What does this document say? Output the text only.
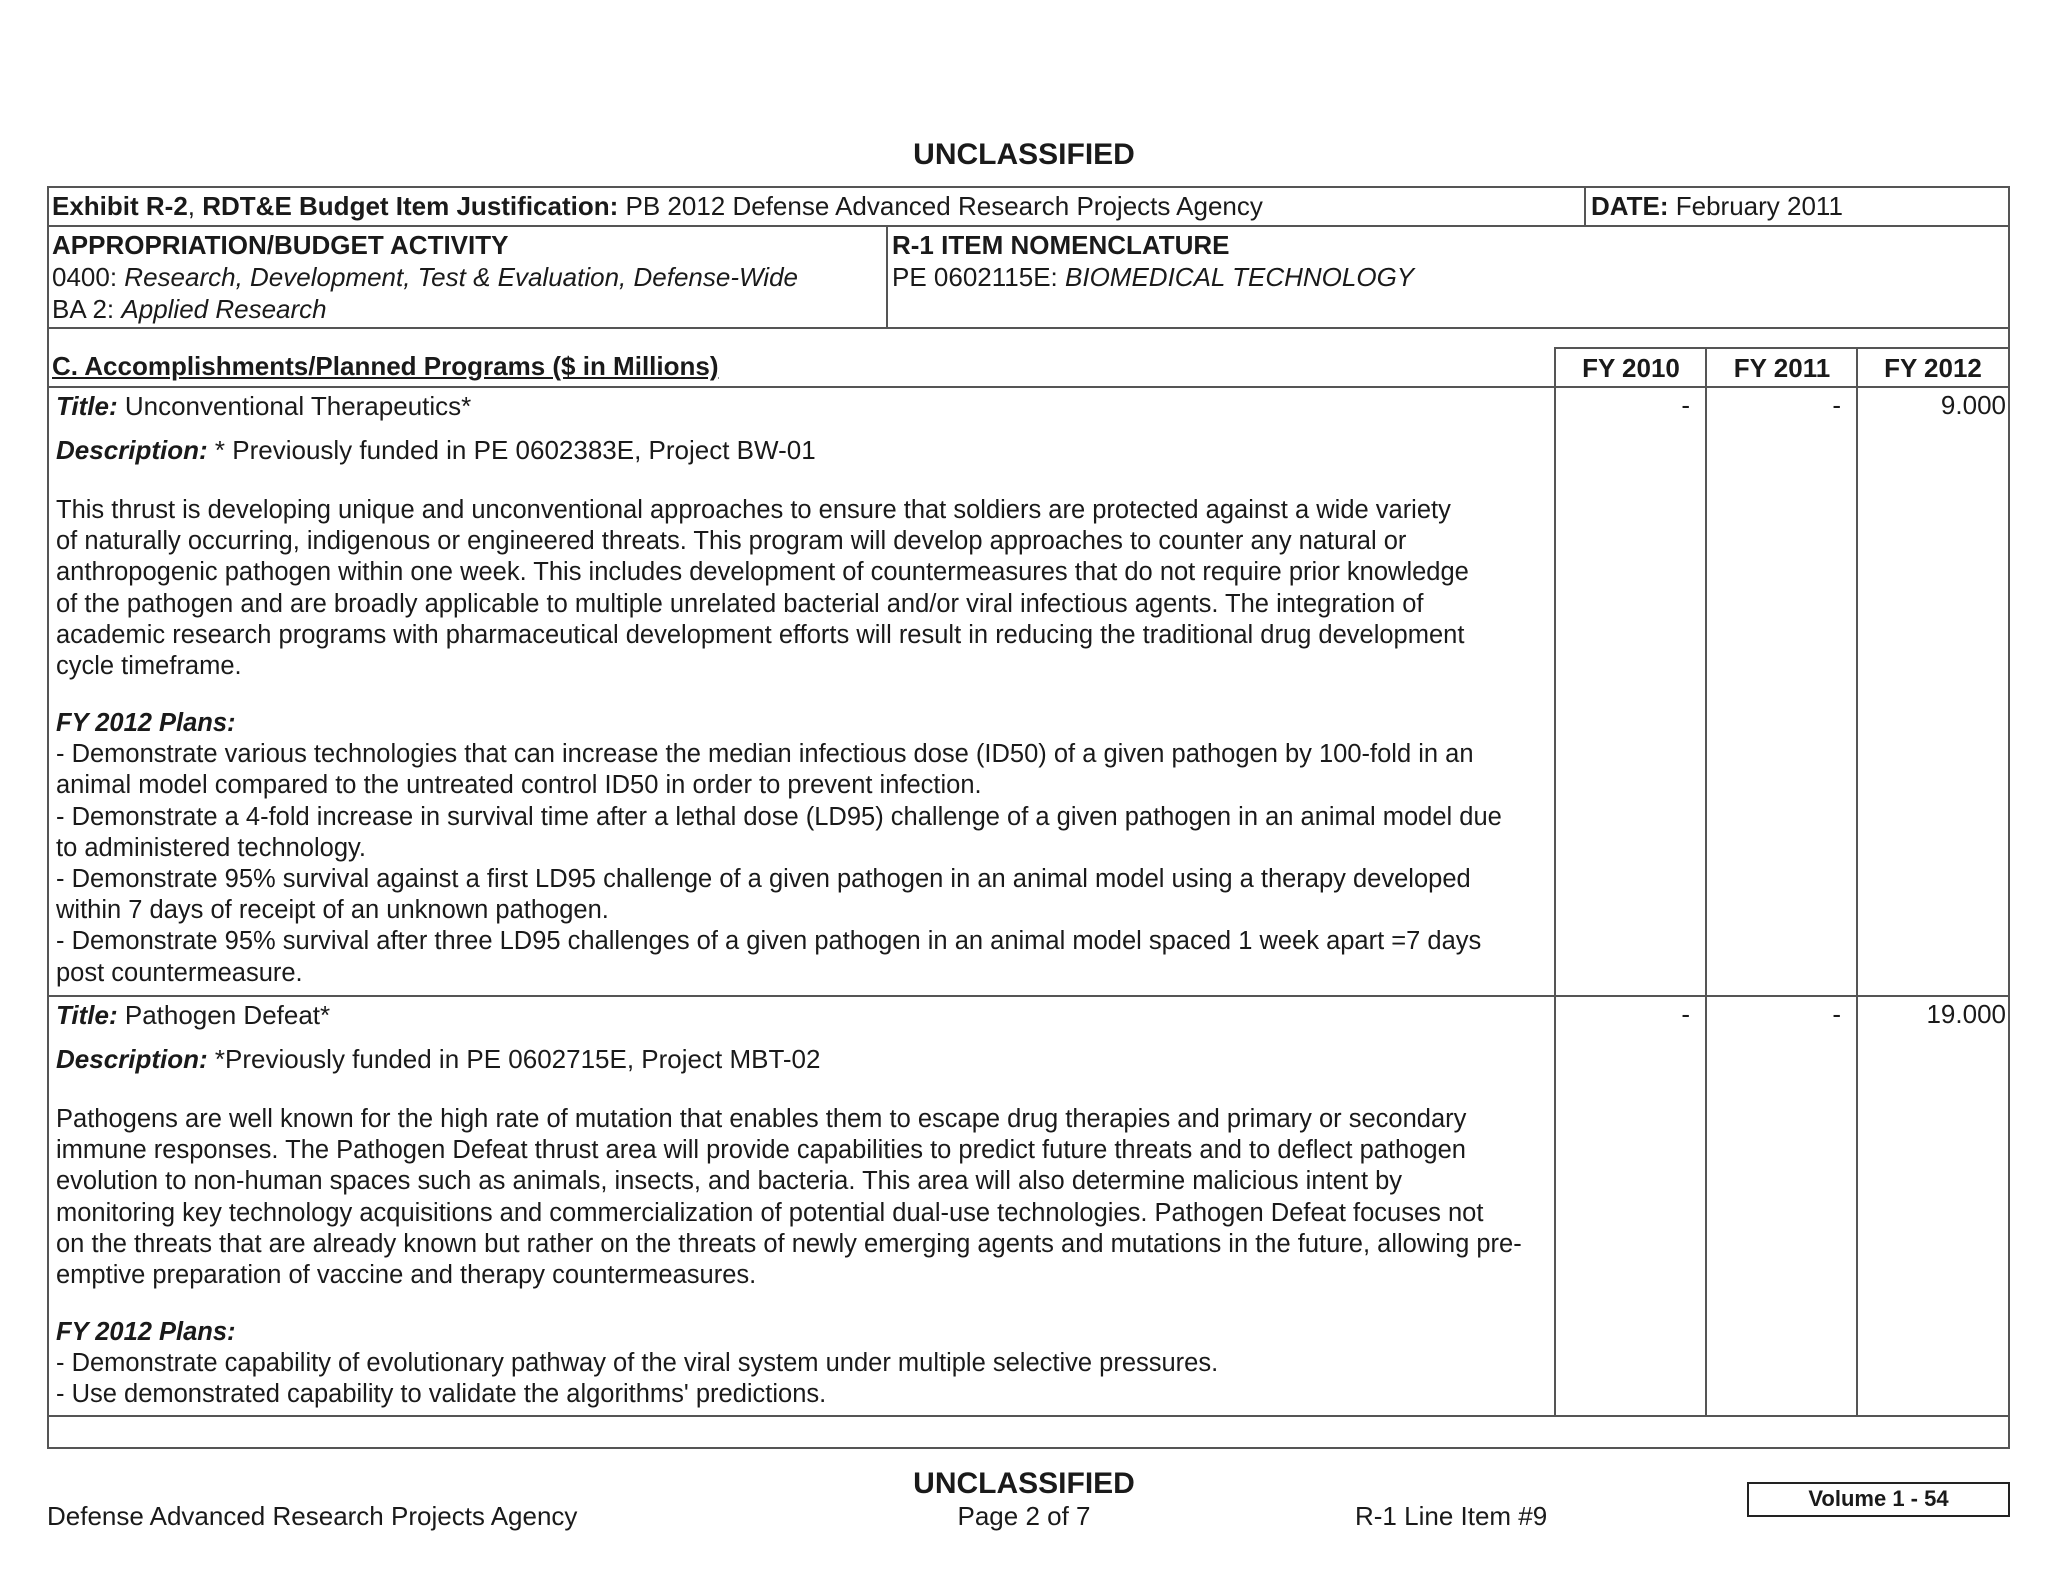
UNCLASSIFIED
Exhibit R-2, RDT&E Budget Item Justification: PB 2012 Defense Advanced Research Projects Agency	DATE: February 2011
APPROPRIATION/BUDGET ACTIVITY
0400: Research, Development, Test & Evaluation, Defense-Wide
BA 2: Applied Research
R-1 ITEM NOMENCLATURE
PE 0602115E: BIOMEDICAL TECHNOLOGY
C. Accomplishments/Planned Programs ($ in Millions)	FY 2010	FY 2011	FY 2012
Title: Unconventional Therapeutics*
Description: * Previously funded in PE 0602383E, Project BW-01
This thrust is developing unique and unconventional approaches to ensure that soldiers are protected against a wide variety
of naturally occurring, indigenous or engineered threats. This program will develop approaches to counter any natural or
anthropogenic pathogen within one week. This includes development of countermeasures that do not require prior knowledge
of the pathogen and are broadly applicable to multiple unrelated bacterial and/or viral infectious agents. The integration of
academic research programs with pharmaceutical development efforts will result in reducing the traditional drug development
cycle timeframe.
FY 2012 Plans:
- Demonstrate various technologies that can increase the median infectious dose (ID50) of a given pathogen by 100-fold in an
animal model compared to the untreated control ID50 in order to prevent infection.
- Demonstrate a 4-fold increase in survival time after a lethal dose (LD95) challenge of a given pathogen in an animal model due
to administered technology.
- Demonstrate 95% survival against a first LD95 challenge of a given pathogen in an animal model using a therapy developed
within 7 days of receipt of an unknown pathogen.
- Demonstrate 95% survival after three LD95 challenges of a given pathogen in an animal model spaced 1 week apart =7 days
post countermeasure.
-	-	9.000
Title: Pathogen Defeat*
Description: *Previously funded in PE 0602715E, Project MBT-02
Pathogens are well known for the high rate of mutation that enables them to escape drug therapies and primary or secondary
immune responses. The Pathogen Defeat thrust area will provide capabilities to predict future threats and to deflect pathogen
evolution to non-human spaces such as animals, insects, and bacteria. This area will also determine malicious intent by
monitoring key technology acquisitions and commercialization of potential dual-use technologies. Pathogen Defeat focuses not
on the threats that are already known but rather on the threats of newly emerging agents and mutations in the future, allowing pre-
emptive preparation of vaccine and therapy countermeasures.
FY 2012 Plans:
- Demonstrate capability of evolutionary pathway of the viral system under multiple selective pressures.
- Use demonstrated capability to validate the algorithms' predictions.
-	-	19.000
UNCLASSIFIED
Defense Advanced Research Projects Agency	Page 2 of 7	R-1 Line Item #9
Volume 1 - 54
